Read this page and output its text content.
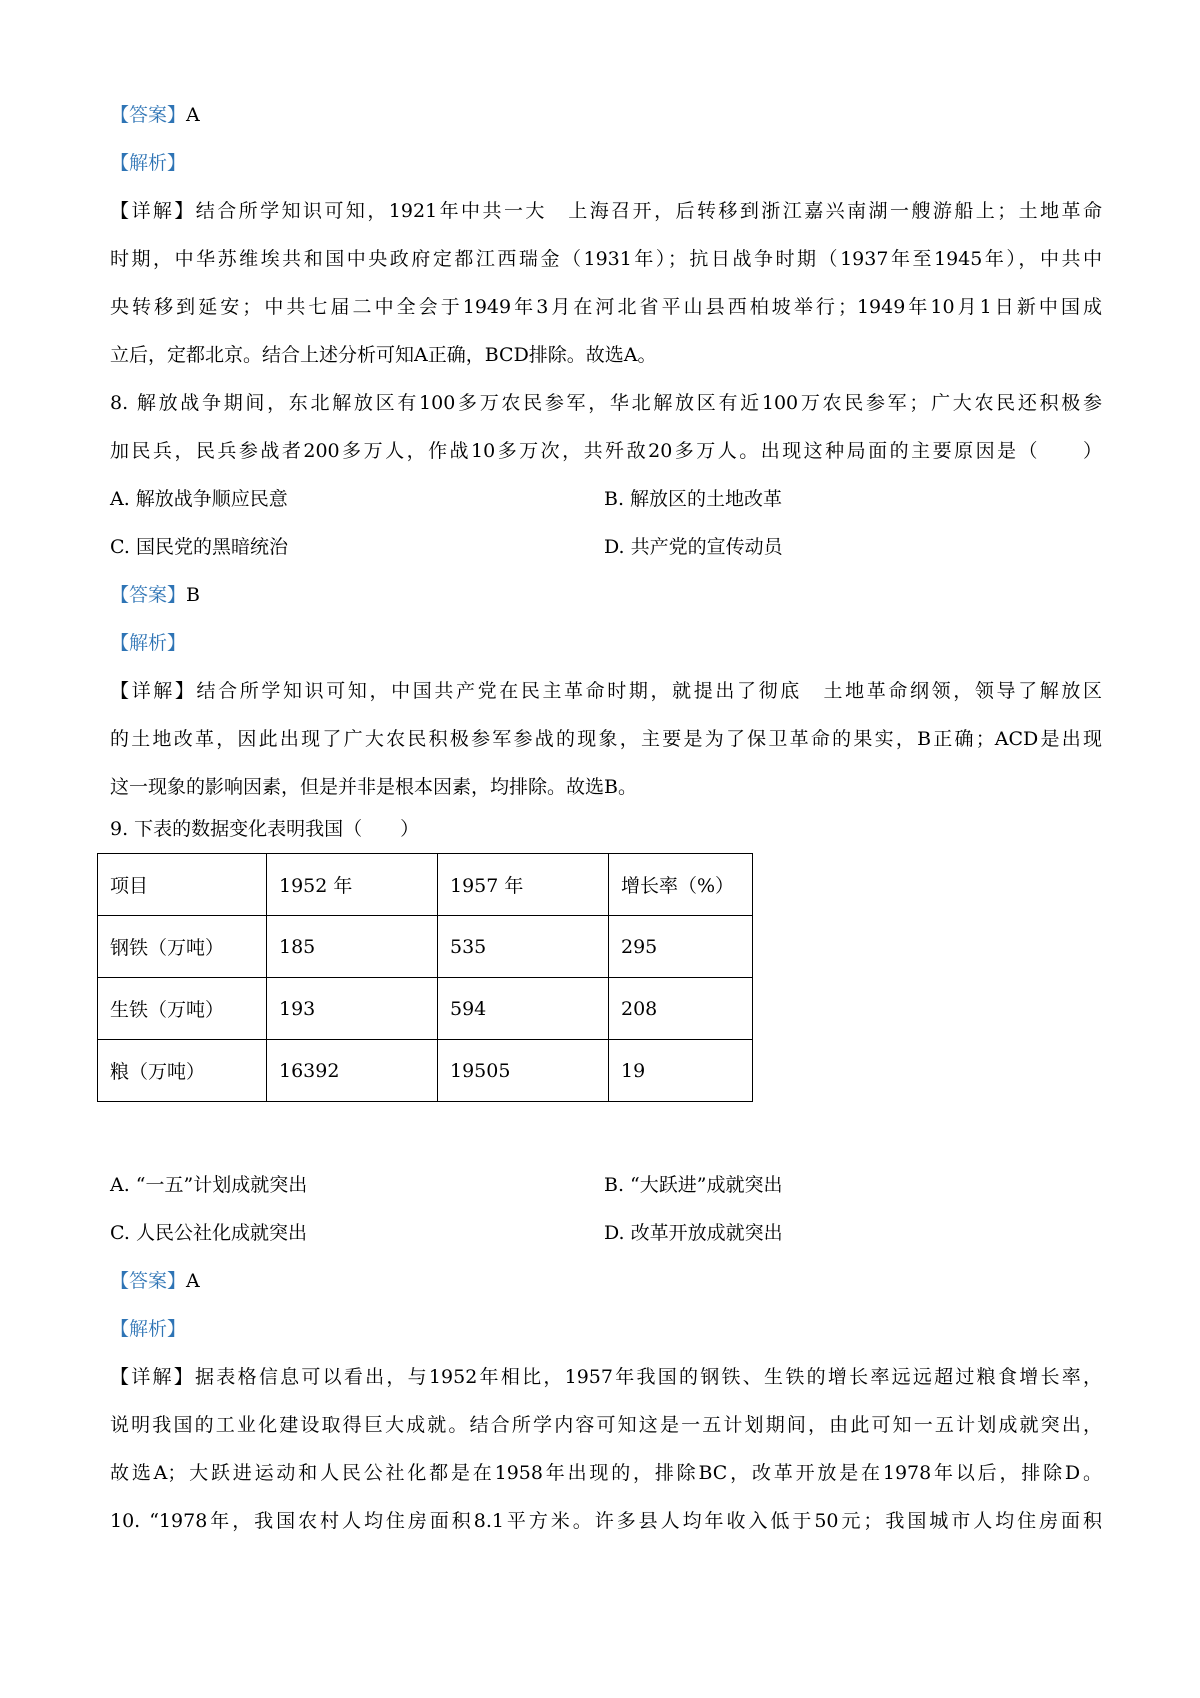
【答案】A
【解析】
【详解】结合所学知识可知，1921年中共一大　上海召开，后转移到浙江嘉兴南湖一艘游船上；土地革命
时期，中华苏维埃共和国中央政府定都江西瑞金（1931年）；抗日战争时期（1937年至1945年），中共中
央转移到延安；中共七届二中全会于1949年3月在河北省平山县西柏坡举行；1949年10月1日新中国成
立后，定都北京。结合上述分析可知A正确，BCD排除。故选A。
8. 解放战争期间，东北解放区有100多万农民参军，华北解放区有近100万农民参军；广大农民还积极参
加民兵，民兵参战者200多万人，作战10多万次，共歼敌20多万人。出现这种局面的主要原因是（　　）
A. 解放战争顺应民意	B. 解放区的土地改革
C. 国民党的黑暗统治	D. 共产党的宣传动员
【答案】B
【解析】
【详解】结合所学知识可知，中国共产党在民主革命时期，就提出了彻底　土地革命纲领，领导了解放区
的土地改革，因此出现了广大农民积极参军参战的现象，主要是为了保卫革命的果实，B正确；ACD是出现
这一现象的影响因素，但是并非是根本因素，均排除。故选B。
9. 下表的数据变化表明我国（　　）
项目	1952 年	1957 年	增长率（%）
钢铁（万吨）	185	535	295
生铁（万吨）	193	594	208
粮（万吨）	16392	19505	19
A. “一五”计划成就突出	B. “大跃进”成就突出
C. 人民公社化成就突出	D. 改革开放成就突出
【答案】A
【解析】
【详解】据表格信息可以看出，与1952年相比，1957年我国的钢铁、生铁的增长率远远超过粮食增长率，
说明我国的工业化建设取得巨大成就。结合所学内容可知这是一五计划期间，由此可知一五计划成就突出，
故选A；大跃进运动和人民公社化都是在1958年出现的，排除BC，改革开放是在1978年以后，排除D。
10. “1978年，我国农村人均住房面积8.1平方米。许多县人均年收入低于50元；我国城市人均住房面积
